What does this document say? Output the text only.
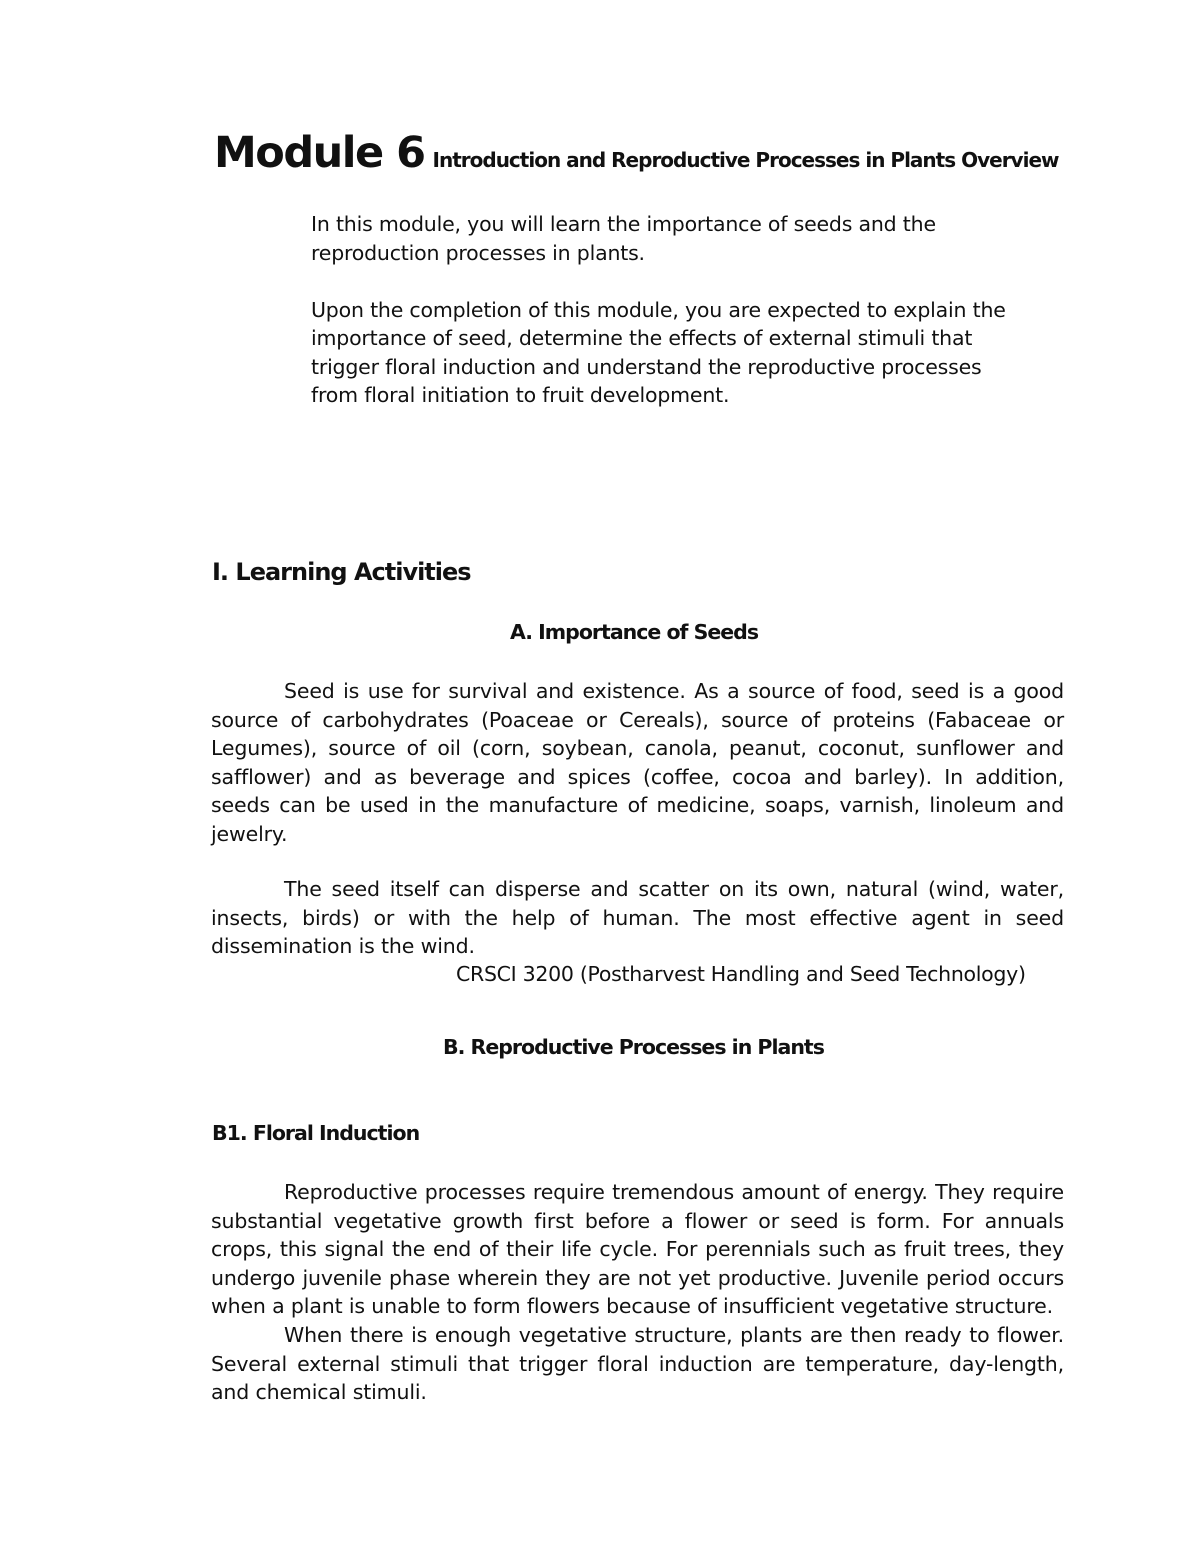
Module 6 Introduction and Reproductive Processes in Plants Overview

In this module, you will learn the importance of seeds and the reproduction processes in plants.

Upon the completion of this module, you are expected to explain the importance of seed, determine the effects of external stimuli that trigger floral induction and understand the reproductive processes from floral initiation to fruit development.

I. Learning Activities
A. Importance of Seeds

Seed is use for survival and existence. As a source of food, seed is a good source of carbohydrates (Poaceae or Cereals), source of proteins (Fabaceae or Legumes), source of oil (corn, soybean, canola, peanut, coconut, sunflower and safflower) and as beverage and spices (coffee, cocoa and barley). In addition, seeds can be used in the manufacture of medicine, soaps, varnish, linoleum and jewelry.

The seed itself can disperse and scatter on its own, natural (wind, water, insects, birds) or with the help of human. The most effective agent in seed dissemination is the wind.

CRSCI 3200 (Postharvest Handling and Seed Technology)
B. Reproductive Processes in Plants
B1. Floral Induction

Reproductive processes require tremendous amount of energy. They require substantial vegetative growth first before a flower or seed is form. For annuals crops, this signal the end of their life cycle. For perennials such as fruit trees, they undergo juvenile phase wherein they are not yet productive. Juvenile period occurs when a plant is unable to form flowers because of insufficient vegetative structure.

When there is enough vegetative structure, plants are then ready to flower. Several external stimuli that trigger floral induction are temperature, day-length, and chemical stimuli.
